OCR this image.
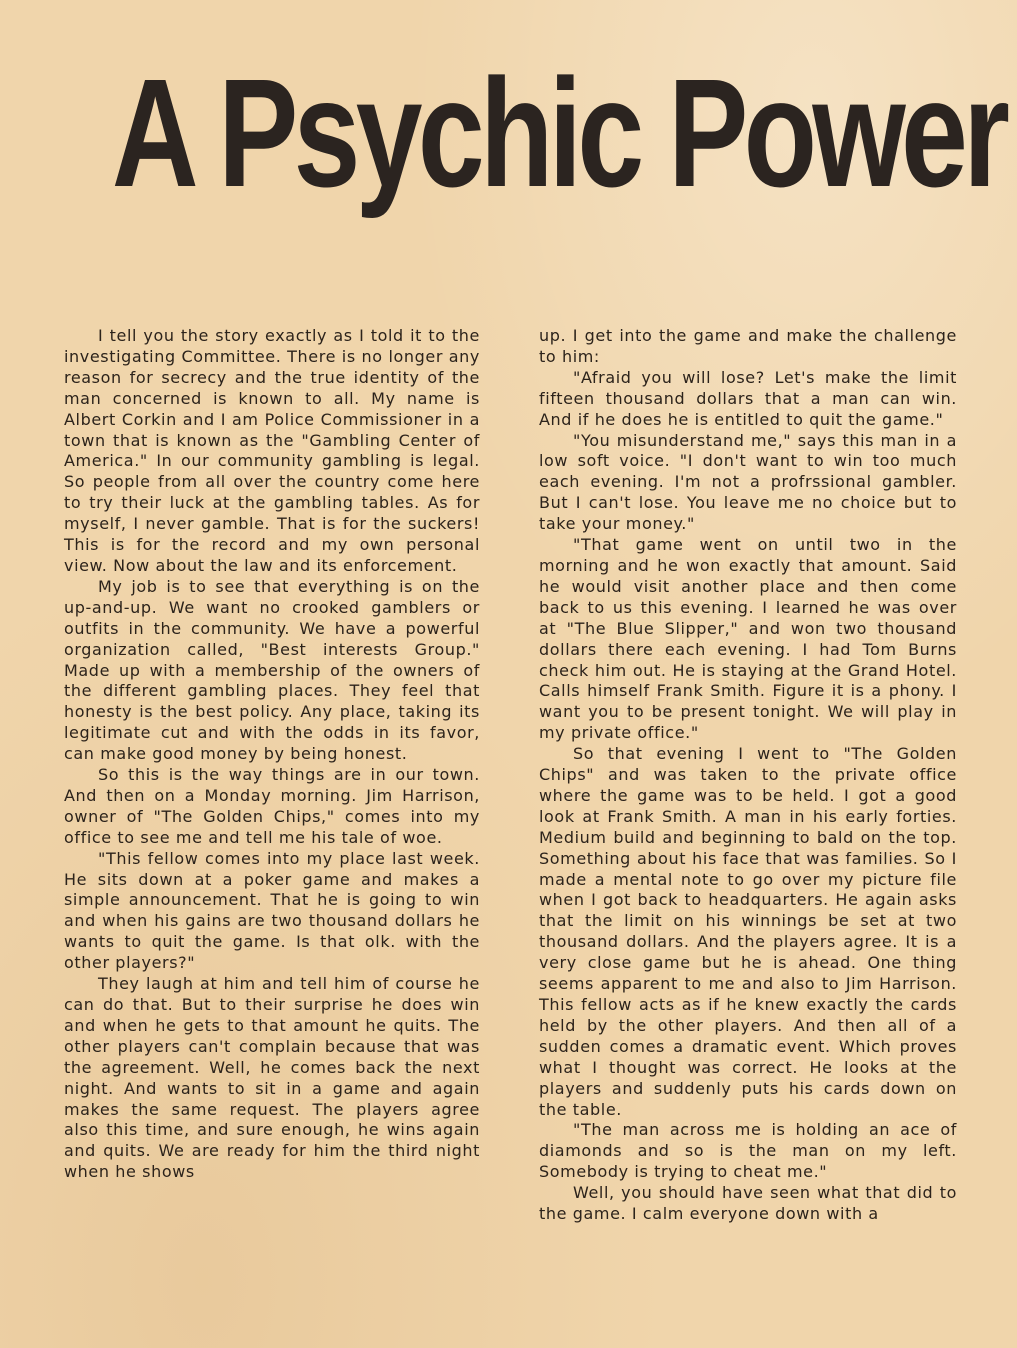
A Psychic Power

I tell you the story exactly as I told it to the investigating Committee. There is no longer any reason for secrecy and the true identity of the man concerned is known to all. My name is Albert Corkin and I am Police Commissioner in a town that is known as the "Gambling Center of America." In our community gambling is legal. So people from all over the country come here to try their luck at the gambling tables. As for myself, I never gamble. That is for the suckers! This is for the record and my own personal view. Now about the law and its enforcement.

My job is to see that everything is on the up-and-up. We want no crooked gamblers or outfits in the community. We have a powerful organization called, "Best interests Group." Made up with a membership of the owners of the different gambling places. They feel that honesty is the best policy. Any place, taking its legitimate cut and with the odds in its favor, can make good money by being honest.

So this is the way things are in our town. And then on a Monday morning. Jim Harrison, owner of "The Golden Chips," comes into my office to see me and tell me his tale of woe.

"This fellow comes into my place last week. He sits down at a poker game and makes a simple announcement. That he is going to win and when his gains are two thousand dollars he wants to quit the game. Is that olk. with the other players?"

They laugh at him and tell him of course he can do that. But to their surprise he does win and when he gets to that amount he quits. The other players can't complain because that was the agreement. Well, he comes back the next night. And wants to sit in a game and again makes the same request. The players agree also this time, and sure enough, he wins again and quits. We are ready for him the third night when he shows

up. I get into the game and make the challenge to him:

"Afraid you will lose? Let's make the limit fifteen thousand dollars that a man can win. And if he does he is entitled to quit the game."

"You misunderstand me," says this man in a low soft voice. "I don't want to win too much each evening. I'm not a profrssional gambler. But I can't lose. You leave me no choice but to take your money."

"That game went on until two in the morning and he won exactly that amount. Said he would visit another place and then come back to us this evening. I learned he was over at "The Blue Slipper," and won two thousand dollars there each evening. I had Tom Burns check him out. He is staying at the Grand Hotel. Calls himself Frank Smith. Figure it is a phony. I want you to be present tonight. We will play in my private office."

So that evening I went to "The Golden Chips" and was taken to the private office where the game was to be held. I got a good look at Frank Smith. A man in his early forties. Medium build and beginning to bald on the top. Something about his face that was families. So I made a mental note to go over my picture file when I got back to headquarters. He again asks that the limit on his winnings be set at two thousand dollars. And the players agree. It is a very close game but he is ahead. One thing seems apparent to me and also to Jim Harrison. This fellow acts as if he knew exactly the cards held by the other players. And then all of a sudden comes a dramatic event. Which proves what I thought was correct. He looks at the players and suddenly puts his cards down on the table.

"The man across me is holding an ace of diamonds and so is the man on my left. Somebody is trying to cheat me."

Well, you should have seen what that did to the game. I calm everyone down with a
